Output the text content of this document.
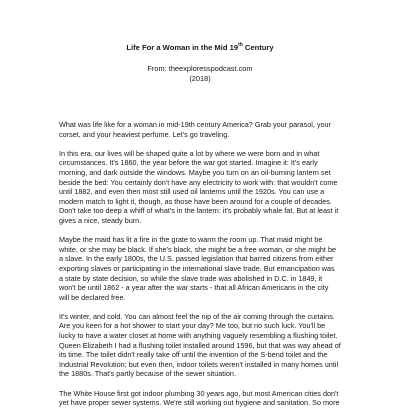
Life For a Woman in the Mid 19th Century
From: theexploresspodcast.com
(2018)

What was life like for a woman in mid-19th century America? Grab your parasol, your
corset, and your heaviest perfume. Let's go traveling.

In this era, our lives will be shaped quite a lot by where we were born and in what
circumstances. It's 1860, the year before the war got started. Imagine it: It's early
morning, and dark outside the windows. Maybe you turn on an oil-burning lantern set
beside the bed: You certainly don't have any electricity to work with: that wouldn't come
until 1882, and even then most still used oil lanterns until the 1920s. You can use a
modern match to light it, though, as those have been around for a couple of decades.
Don't take too deep a whiff of what's in the lantern: it's probably whale fat. But at least it
gives a nice, steady burn.

Maybe the maid has lit a fire in the grate to warm the room up. That maid might be
white, or she may be black. If she's black, she might be a free woman, or she might be
a slave. In the early 1800s, the U.S. passed legislation that barred citizens from either
exporting slaves or participating in the international slave trade. But emancipation was
a state by state decision, so while the slave trade was abolished in D.C. in 1849, it
won't be until 1862 - a year after the war starts - that all African Americans in the city
will be declared free.

It's winter, and cold. You can almost feel the nip of the air coming through the curtains.
Are you keen for a hot shower to start your day? Me too, but no such luck. You'll be
lucky to have a water closet at home with anything vaguely resembling a flushing toilet.
Queen Elizabeth I had a flushing toilet installed around 1596, but that was way ahead of
its time. The toilet didn't really take off until the invention of the S-bend toilet and the
Industrial Revolution; but even then, indoor toilets weren't installed in many homes until
the 1880s. That's partly because of the sewer situation.

The White House first got indoor plumbing 30 years ago, but most American cities don't
yet have proper sewer systems. We're still working out hygiene and sanitation. So more
